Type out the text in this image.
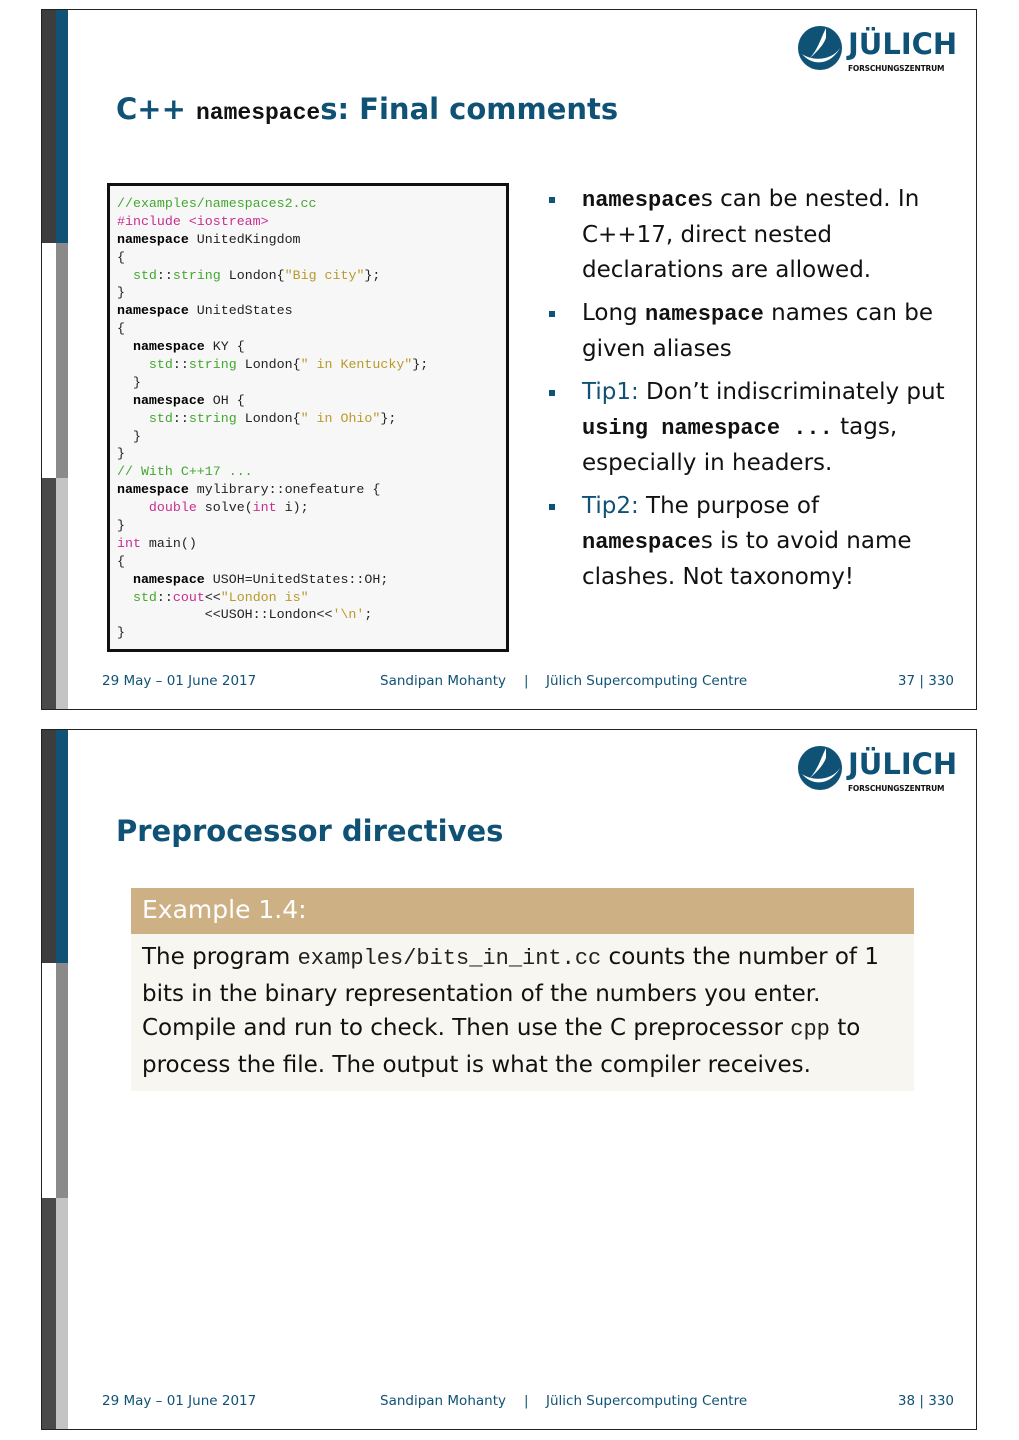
JÜLICH
FORSCHUNGSZENTRUM
C++ namespaces: Final comments
//examples/namespaces2.cc
#include <iostream>
namespace UnitedKingdom
{
std::string London{"Big city"};
}
namespace UnitedStates
{
namespace KY {
std::string London{" in Kentucky"};
}
namespace OH {
std::string London{" in Ohio"};
}
}
// With C++17 ...
namespace mylibrary::onefeature {
double solve(int i);
}
int main()
{
namespace USOH=UnitedStates::OH;
std::cout<<"London is"
<<USOH::London<<'\n';
}
namespaces can be nested. In C++17, direct nested declarations are allowed.
Long namespace names can be given aliases
Tip1: Don’t indiscriminately put using namespace ... tags, especially in headers.
Tip2: The purpose of namespaces is to avoid name clashes. Not taxonomy!
29 May – 01 June 2017	Sandipan Mohanty | Jülich Supercomputing Centre	37 | 330
JÜLICH
FORSCHUNGSZENTRUM
Preprocessor directives
Example 1.4:
The program examples/bits_in_int.cc counts the number of 1 bits in the binary representation of the numbers you enter. Compile and run to check. Then use the C preprocessor cpp to process the file. The output is what the compiler receives.
29 May – 01 June 2017	Sandipan Mohanty | Jülich Supercomputing Centre	38 | 330
